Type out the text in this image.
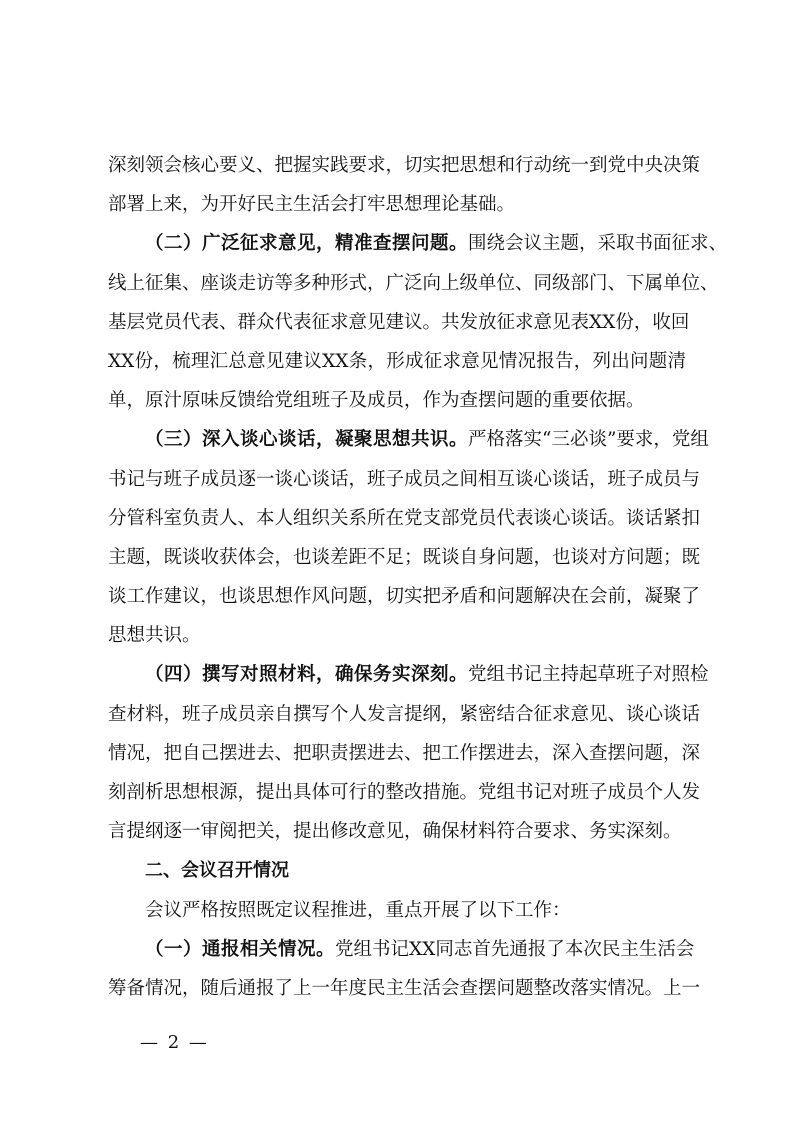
深刻领会核心要义、把握实践要求，切实把思想和行动统一到党中央决策
部署上来，为开好民主生活会打牢思想理论基础。
（二）广泛征求意见，精准查摆问题。围绕会议主题，采取书面征求、
线上征集、座谈走访等多种形式，广泛向上级单位、同级部门、下属单位、
基层党员代表、群众代表征求意见建议。共发放征求意见表XX份，收回
XX份，梳理汇总意见建议XX条，形成征求意见情况报告，列出问题清
单，原汁原味反馈给党组班子及成员，作为查摆问题的重要依据。
（三）深入谈心谈话，凝聚思想共识。严格落实“三必谈”要求，党组
书记与班子成员逐一谈心谈话，班子成员之间相互谈心谈话，班子成员与
分管科室负责人、本人组织关系所在党支部党员代表谈心谈话。谈话紧扣
主题，既谈收获体会，也谈差距不足；既谈自身问题，也谈对方问题；既
谈工作建议，也谈思想作风问题，切实把矛盾和问题解决在会前，凝聚了
思想共识。
（四）撰写对照材料，确保务实深刻。党组书记主持起草班子对照检
查材料，班子成员亲自撰写个人发言提纲，紧密结合征求意见、谈心谈话
情况，把自己摆进去、把职责摆进去、把工作摆进去，深入查摆问题，深
刻剖析思想根源，提出具体可行的整改措施。党组书记对班子成员个人发
言提纲逐一审阅把关，提出修改意见，确保材料符合要求、务实深刻。
二、会议召开情况
会议严格按照既定议程推进，重点开展了以下工作：
（一）通报相关情况。党组书记XX同志首先通报了本次民主生活会
筹备情况，随后通报了上一年度民主生活会查摆问题整改落实情况。上一
— 2 —
